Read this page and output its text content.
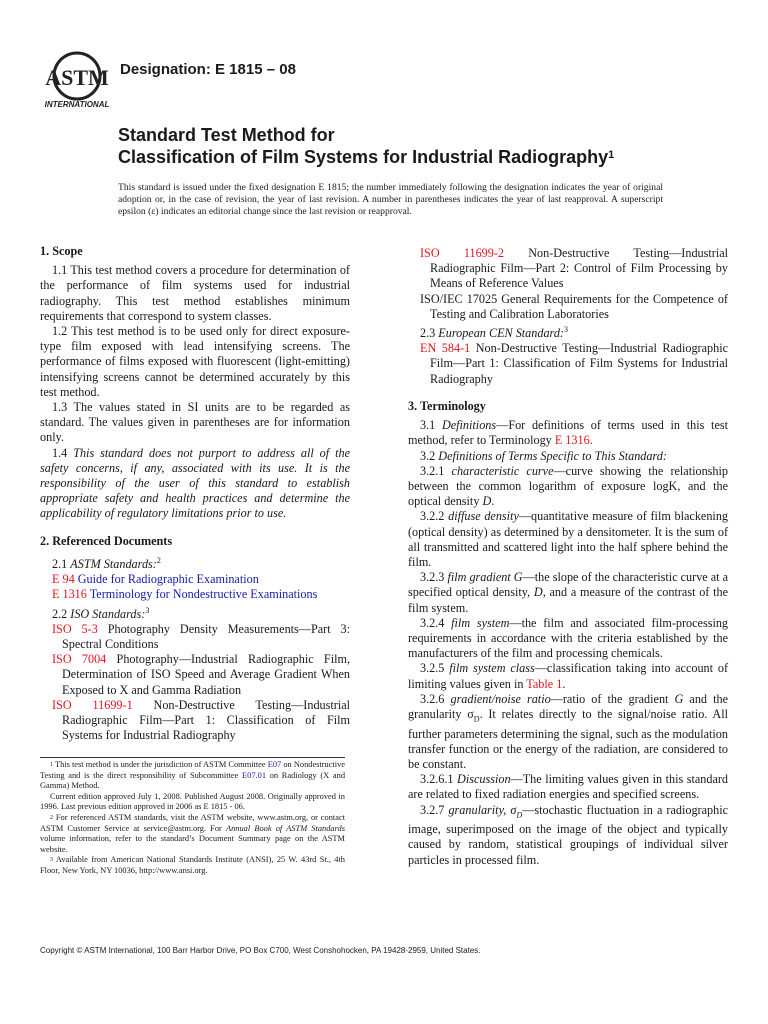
ASTM
INTERNATIONAL
Designation: E 1815 – 08
Standard Test Method for
Classification of Film Systems for Industrial Radiography$^1$
This standard is issued under the fixed designation E 1815; the number immediately following the designation indicates the year of original adoption or, in the case of revision, the year of last revision. A number in parentheses indicates the year of last reapproval. A superscript epsilon (ε) indicates an editorial change since the last revision or reapproval.
1. Scope

1.1 This test method covers a procedure for determination of the performance of film systems used for industrial radiography. This test method establishes minimum requirements that correspond to system classes.

1.2 This test method is to be used only for direct exposure-type film exposed with lead intensifying screens. The performance of films exposed with fluorescent (light-emitting) intensifying screens cannot be determined accurately by this test method.

1.3 The values stated in SI units are to be regarded as standard. The values given in parentheses are for information only.

1.4 This standard does not purport to address all of the safety concerns, if any, associated with its use. It is the responsibility of the user of this standard to establish appropriate safety and health practices and determine the applicability of regulatory limitations prior to use.

2. Referenced Documents

2.1 ASTM Standards:$^2$

E 94 Guide for Radiographic Examination

E 1316 Terminology for Nondestructive Examinations

2.2 ISO Standards:$^3$

ISO 5-3 Photography Density Measurements—Part 3: Spectral Conditions

ISO 7004 Photography—Industrial Radiographic Film, Determination of ISO Speed and Average Gradient When Exposed to X and Gamma Radiation

ISO 11699-1 Non-Destructive Testing—Industrial Radiographic Film—Part 1: Classification of Film Systems for Industrial Radiography

$^1$ This test method is under the jurisdiction of ASTM Committee E07 on Nondestructive Testing and is the direct responsibility of Subcommittee E07.01 on Radiology (X and Gamma) Method.

Current edition approved July 1, 2008. Published August 2008. Originally approved in 1996. Last previous edition approved in 2006 as E 1815 - 06.

$^2$ For referenced ASTM standards, visit the ASTM website, www.astm.org, or contact ASTM Customer Service at service@astm.org. For Annual Book of ASTM Standards volume information, refer to the standard’s Document Summary page on the ASTM website.

$^3$ Available from American National Standards Institute (ANSI), 25 W. 43rd St., 4th Floor, New York, NY 10036, http://www.ansi.org.

ISO 11699-2 Non-Destructive Testing—Industrial Radiographic Film—Part 2: Control of Film Processing by Means of Reference Values

ISO/IEC 17025 General Requirements for the Competence of Testing and Calibration Laboratories

2.3 European CEN Standard:$^3$

EN 584-1 Non-Destructive Testing—Industrial Radiographic Film—Part 1: Classification of Film Systems for Industrial Radiography

3. Terminology

3.1 Definitions—For definitions of terms used in this test method, refer to Terminology E 1316.

3.2 Definitions of Terms Specific to This Standard:

3.2.1 characteristic curve—curve showing the relationship between the common logarithm of exposure logK, and the optical density D.

3.2.2 diffuse density—quantitative measure of film blackening (optical density) as determined by a densitometer. It is the sum of all transmitted and scattered light into the half sphere behind the film.

3.2.3 film gradient G—the slope of the characteristic curve at a specified optical density, D, and a measure of the contrast of the film system.

3.2.4 film system—the film and associated film-processing requirements in accordance with the criteria established by the manufacturers of the film and processing chemicals.

3.2.5 film system class—classification taking into account of limiting values given in Table 1.

3.2.6 gradient/noise ratio—ratio of the gradient G and the granularity $\sigma_D$. It relates directly to the signal/noise ratio. All further parameters determining the signal, such as the modulation transfer function or the energy of the radiation, are considered to be constant.

3.2.6.1 Discussion—The limiting values given in this standard are related to fixed radiation energies and specified screens.

3.2.7 granularity, $\sigma_D—stochastic$ fluctuation in a radiographic image, superimposed on the image of the object and typically caused by random, statistical groupings of individual silver particles in processed film.

Copyright © ASTM International, 100 Barr Harbor Drive, PO Box C700, West Conshohocken, PA 19428-2959, United States.
